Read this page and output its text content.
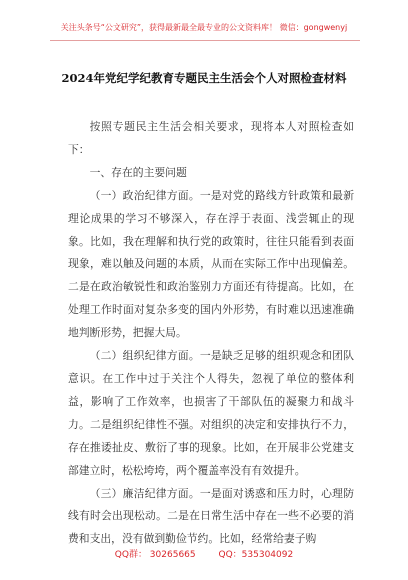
关注头条号“公文研究”，获得最新最全最专业的公文资料库！ 微信：gongwenyj
2024年党纪学纪教育专题民主生活会个人对照检查材料

按照专题民主生活会相关要求，现将本人对照检查如下：

一、存在的主要问题

（一）政治纪律方面。一是对党的路线方针政策和最新理论成果的学习不够深入，存在浮于表面、浅尝辄止的现象。比如，我在理解和执行党的政策时，往往只能看到表面现象，难以触及问题的本质，从而在实际工作中出现偏差。二是在政治敏锐性和政治鉴别力方面还有待提高。比如，在处理工作时面对复杂多变的国内外形势，有时难以迅速准确地判断形势，把握大局。

（二）组织纪律方面。一是缺乏足够的组织观念和团队意识。在工作中过于关注个人得失，忽视了单位的整体利益，影响了工作效率，也损害了干部队伍的凝聚力和战斗力。二是组织纪律性不强。对组织的决定和安排执行不力，存在推诿扯皮、敷衍了事的现象。比如，在开展非公党建支部建立时，松松垮垮，两个覆盖率没有有效提升。

（三）廉洁纪律方面。一是面对诱惑和压力时，心理防线有时会出现松动。二是在日常生活中存在一些不必要的消费和支出，没有做到勤俭节约。比如，经常给妻子购

QQ群： 30265665	QQ：535304092
